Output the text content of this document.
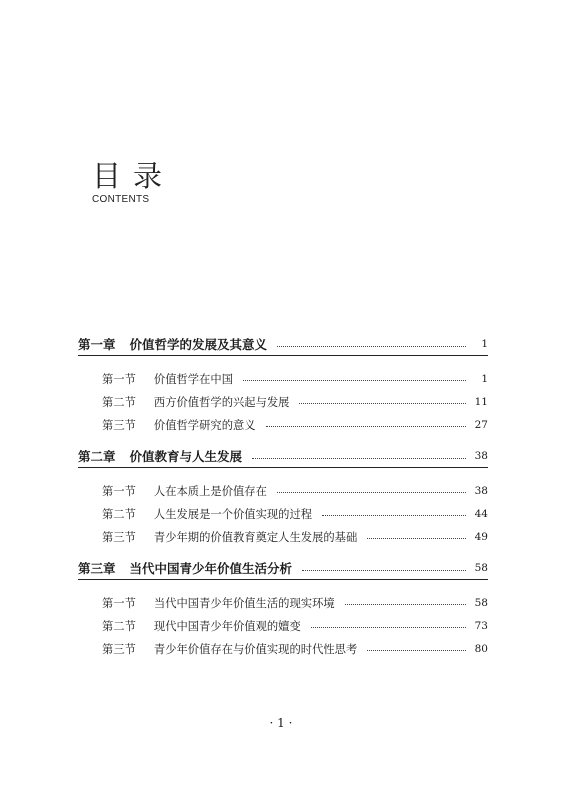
目录
CONTENTS
第一章 价值哲学的发展及其意义	1
第一节 价值哲学在中国	1
第二节 西方价值哲学的兴起与发展	11
第三节 价值哲学研究的意义	27
第二章 价值教育与人生发展	38
第一节 人在本质上是价值存在	38
第二节 人生发展是一个价值实现的过程	44
第三节 青少年期的价值教育奠定人生发展的基础	49
第三章 当代中国青少年价值生活分析	58
第一节 当代中国青少年价值生活的现实环境	58
第二节 现代中国青少年价值观的嬗变	73
第三节 青少年价值存在与价值实现的时代性思考	80
· 1 ·
